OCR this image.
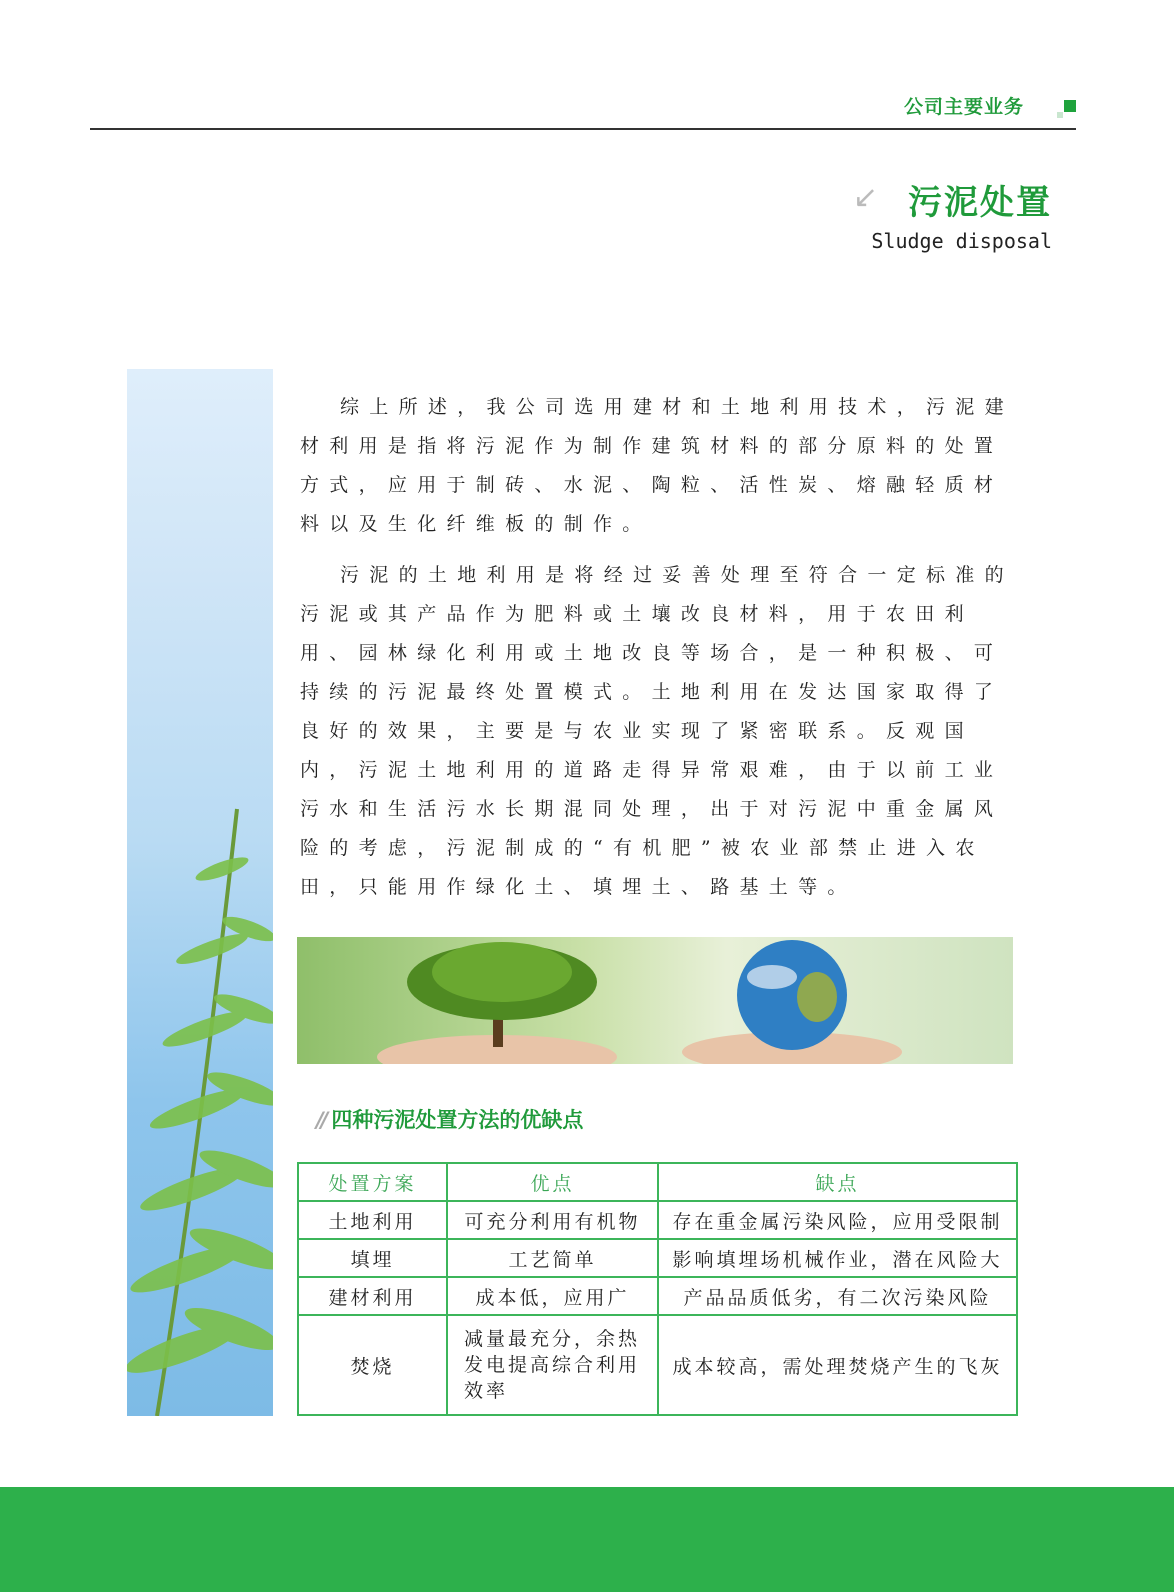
公司主要业务
↙ 污泥处置
Sludge disposal

综上所述，我公司选用建材和土地利用技术，污泥建材利用是指将污泥作为制作建筑材料的部分原料的处置方式，应用于制砖、水泥、陶粒、活性炭、熔融轻质材料以及生化纤维板的制作。

污泥的土地利用是将经过妥善处理至符合一定标准的污泥或其产品作为肥料或土壤改良材料，用于农田利用、园林绿化利用或土地改良等场合，是一种积极、可持续的污泥最终处置模式。土地利用在发达国家取得了良好的效果，主要是与农业实现了紧密联系。反观国内，污泥土地利用的道路走得异常艰难，由于以前工业污水和生活污水长期混同处理，出于对污泥中重金属风险的考虑，污泥制成的“有机肥”被农业部禁止进入农田，只能用作绿化土、填埋土、路基土等。

// 四种污泥处置方法的优缺点
处置方案	优点	缺点
土地利用	可充分利用有机物	存在重金属污染风险，应用受限制
填埋	工艺简单	影响填埋场机械作业，潜在风险大
建材利用	成本低，应用广	产品品质低劣，有二次污染风险
焚烧	减量最充分，余热发电提高综合利用效率	成本较高，需处理焚烧产生的飞灰
